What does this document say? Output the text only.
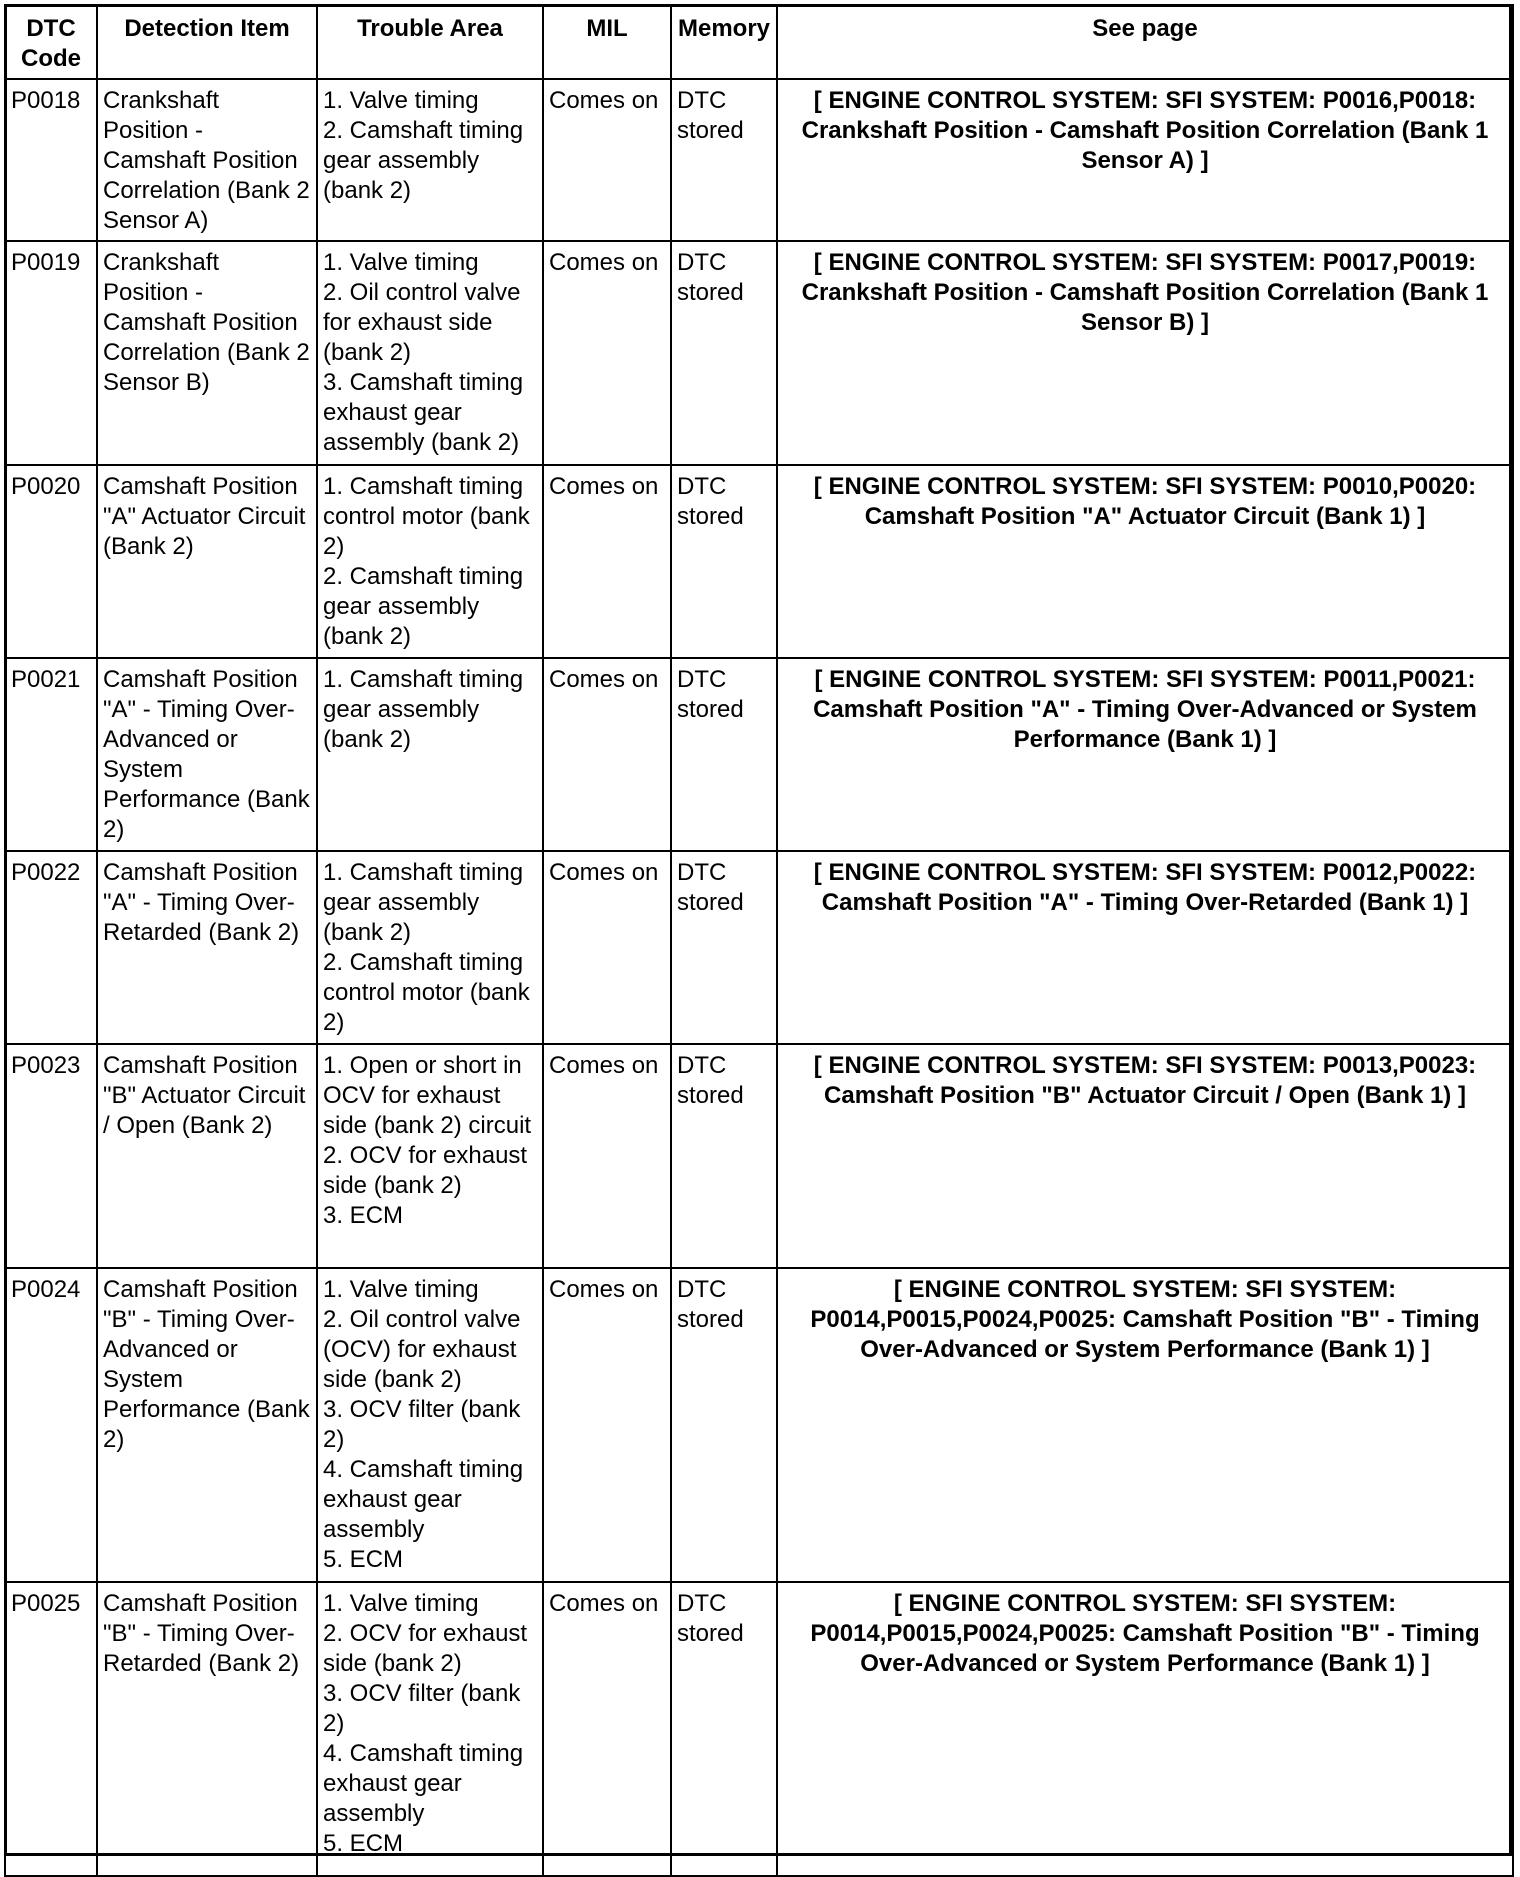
DTC Code	Detection Item	Trouble Area	MIL	Memory	See page
P0018	Crankshaft Position - Camshaft Position Correlation (Bank 2 Sensor A)	1. Valve timing
2. Camshaft timing gear assembly (bank 2)	Comes on	DTC stored	[ ENGINE CONTROL SYSTEM: SFI SYSTEM: P0016,P0018: Crankshaft Position - Camshaft Position Correlation (Bank 1 Sensor A) ]
P0019	Crankshaft Position - Camshaft Position Correlation (Bank 2 Sensor B)	1. Valve timing
2. Oil control valve for exhaust side (bank 2)
3. Camshaft timing exhaust gear assembly (bank 2)	Comes on	DTC stored	[ ENGINE CONTROL SYSTEM: SFI SYSTEM: P0017,P0019: Crankshaft Position - Camshaft Position Correlation (Bank 1 Sensor B) ]
P0020	Camshaft Position "A" Actuator Circuit (Bank 2)	1. Camshaft timing control motor (bank 2)
2. Camshaft timing gear assembly (bank 2)	Comes on	DTC stored	[ ENGINE CONTROL SYSTEM: SFI SYSTEM: P0010,P0020: Camshaft Position "A" Actuator Circuit (Bank 1) ]
P0021	Camshaft Position "A" - Timing Over-Advanced or System Performance (Bank 2)	1. Camshaft timing gear assembly (bank 2)	Comes on	DTC stored	[ ENGINE CONTROL SYSTEM: SFI SYSTEM: P0011,P0021: Camshaft Position "A" - Timing Over-Advanced or System Performance (Bank 1) ]
P0022	Camshaft Position "A" - Timing Over-Retarded (Bank 2)	1. Camshaft timing gear assembly (bank 2)
2. Camshaft timing control motor (bank 2)	Comes on	DTC stored	[ ENGINE CONTROL SYSTEM: SFI SYSTEM: P0012,P0022: Camshaft Position "A" - Timing Over-Retarded (Bank 1) ]
P0023	Camshaft Position "B" Actuator Circuit / Open (Bank 2)	1. Open or short in OCV for exhaust side (bank 2) circuit
2. OCV for exhaust side (bank 2)
3. ECM	Comes on	DTC stored	[ ENGINE CONTROL SYSTEM: SFI SYSTEM: P0013,P0023: Camshaft Position "B" Actuator Circuit / Open (Bank 1) ]
P0024	Camshaft Position "B" - Timing Over-Advanced or System Performance (Bank 2)	1. Valve timing
2. Oil control valve (OCV) for exhaust side (bank 2)
3. OCV filter (bank 2)
4. Camshaft timing exhaust gear assembly
5. ECM	Comes on	DTC stored	[ ENGINE CONTROL SYSTEM: SFI SYSTEM: P0014,P0015,P0024,P0025: Camshaft Position "B" - Timing Over-Advanced or System Performance (Bank 1) ]
P0025	Camshaft Position "B" - Timing Over-Retarded (Bank 2)	1. Valve timing
2. OCV for exhaust side (bank 2)
3. OCV filter (bank 2)
4. Camshaft timing exhaust gear assembly
5. ECM	Comes on	DTC stored	[ ENGINE CONTROL SYSTEM: SFI SYSTEM: P0014,P0015,P0024,P0025: Camshaft Position "B" - Timing Over-Advanced or System Performance (Bank 1) ]
